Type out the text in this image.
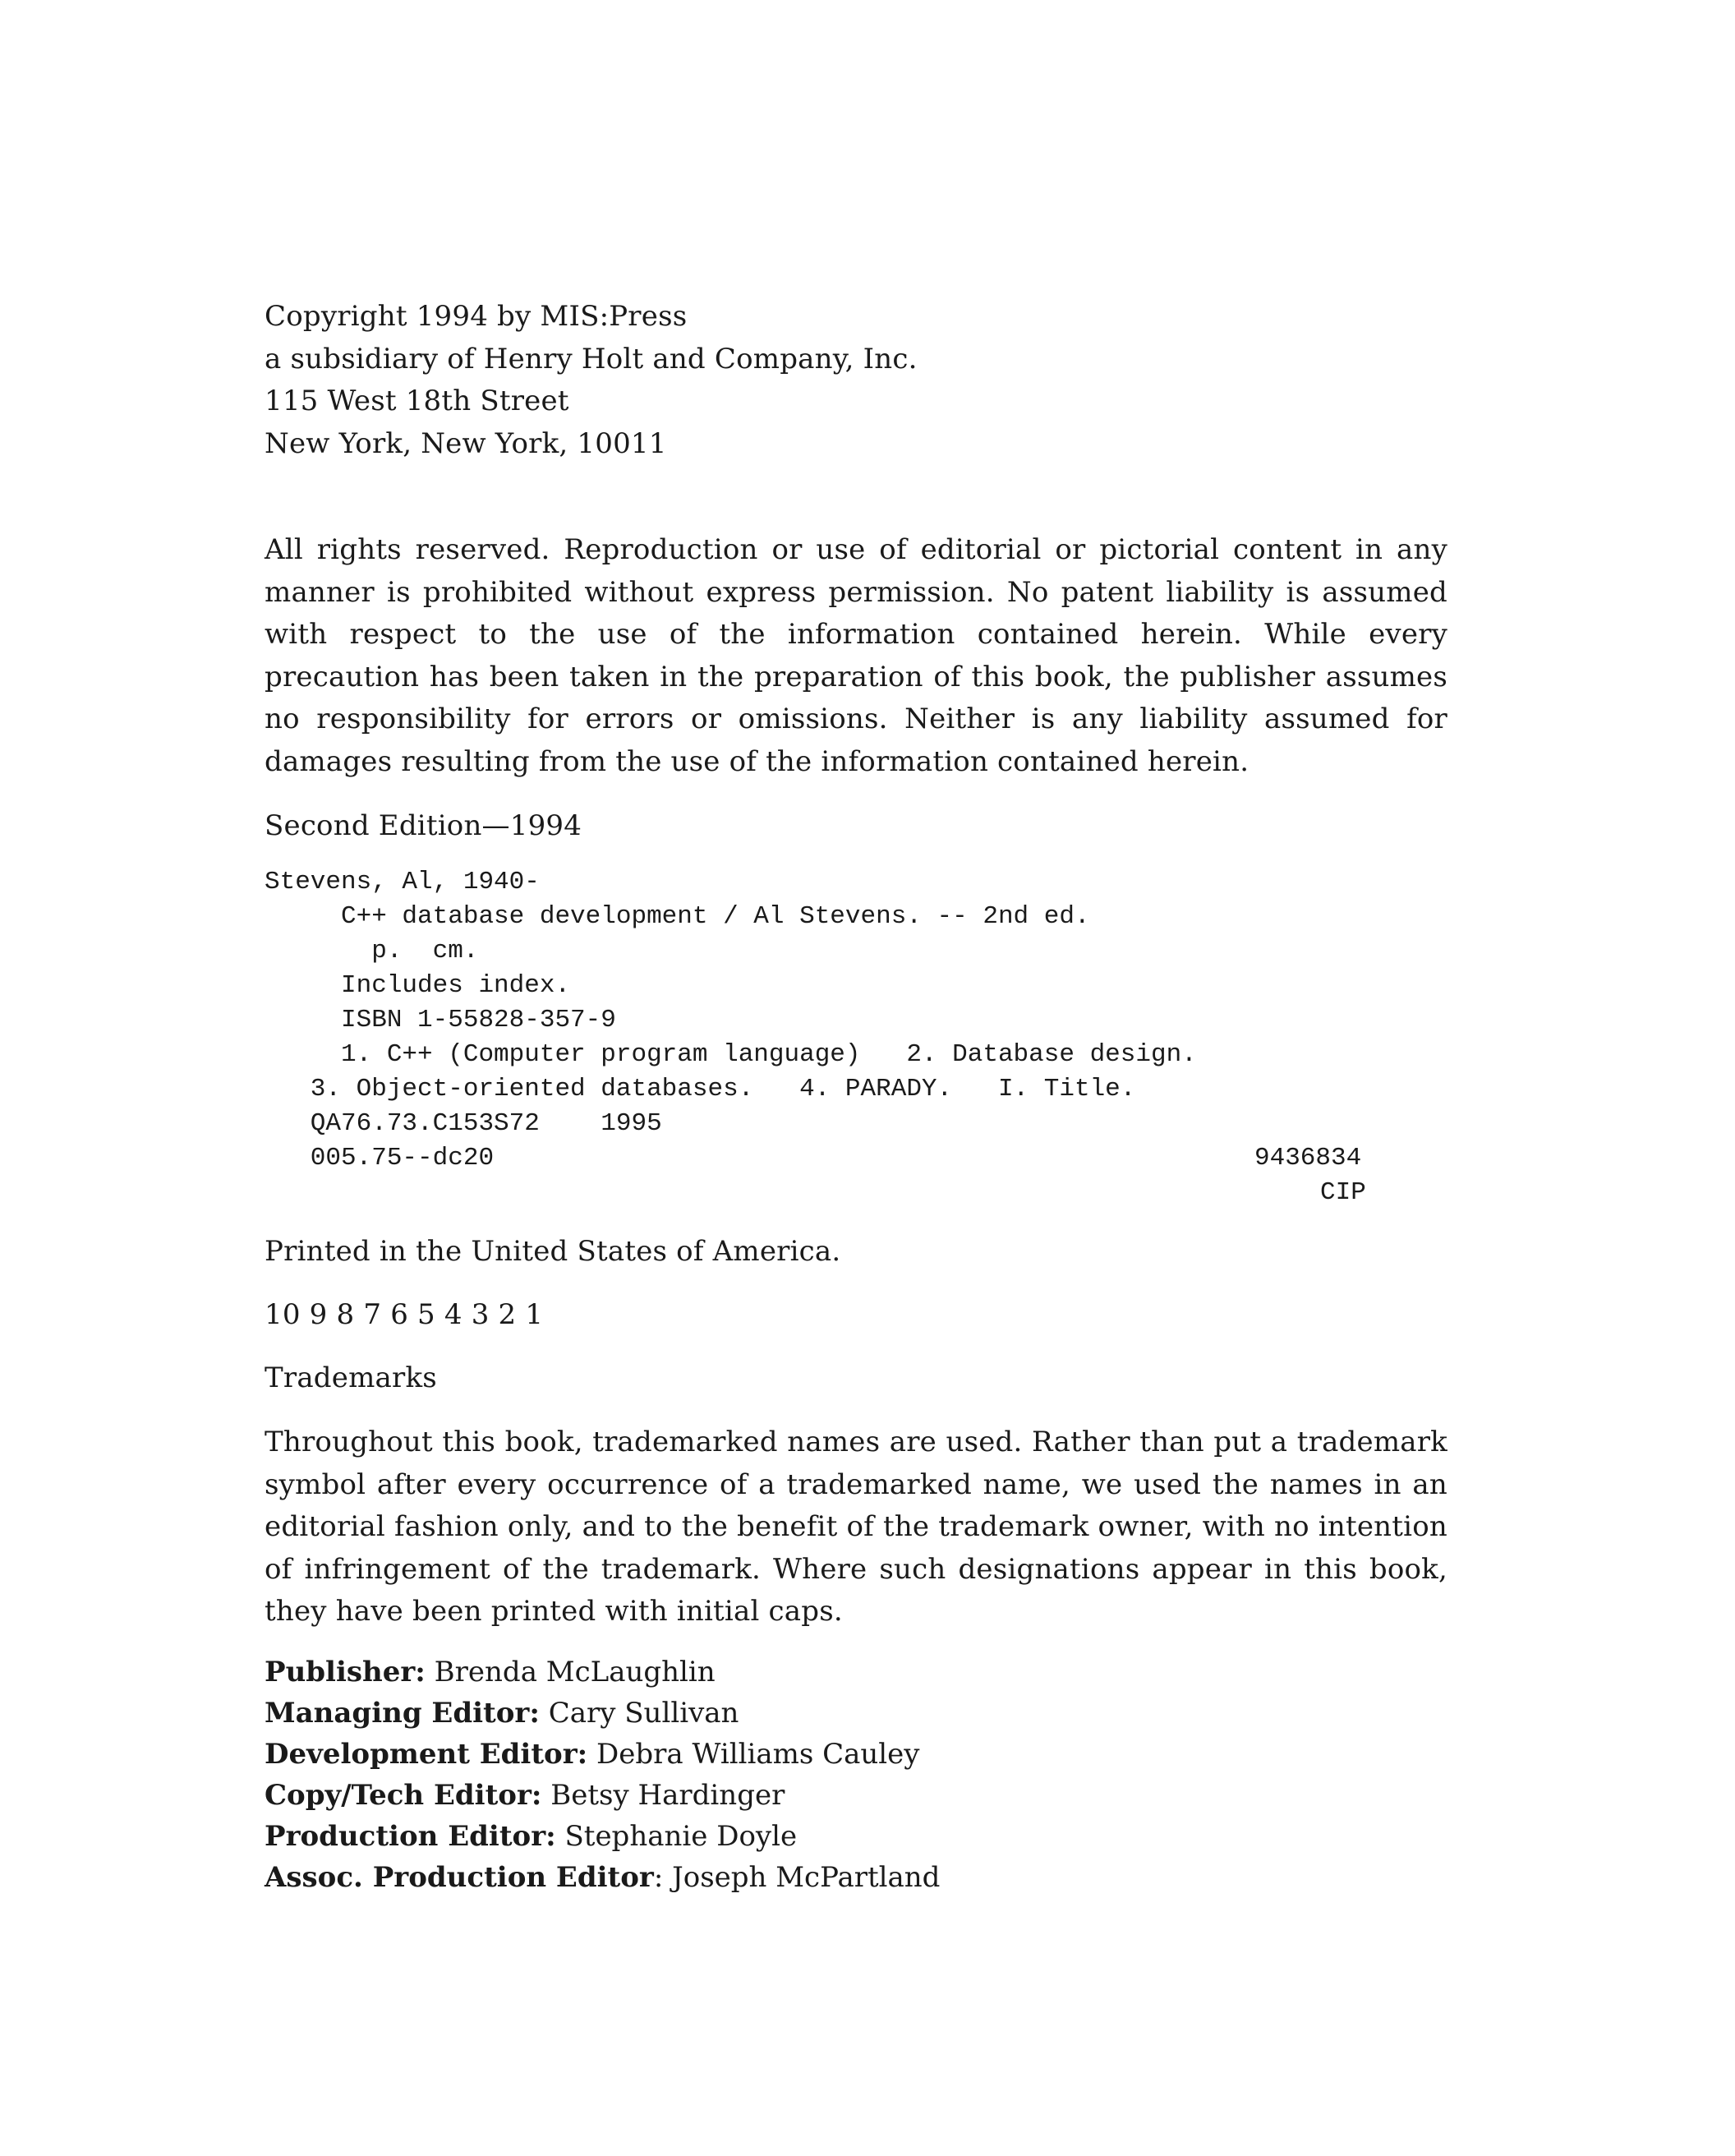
Copyright 1994 by MIS:Press
a subsidiary of Henry Holt and Company, Inc.
115 West 18th Street
New York, New York, 10011
All rights reserved. Reproduction or use of editorial or pictorial content in any manner is prohibited without express permission. No patent liability is assumed with respect to the use of the information contained herein. While every precaution has been taken in the preparation of this book, the publisher assumes no responsibility for errors or omissions. Neither is any liability assumed for damages resulting from the use of the information contained herein.
Second Edition—1994
Stevens, Al, 1940-
C++ database development / Al Stevens. -- 2nd ed.
p.  cm.
Includes index.
ISBN 1-55828-357-9
1. C++ (Computer program language)   2. Database design.
3. Object-oriented databases.   4. PARADY.   I. Title.
QA76.73.C153S72    1995
005.75--dc20	9436834
CIP
Printed in the United States of America.
10 9 8 7 6 5 4 3 2 1
Trademarks
Throughout this book, trademarked names are used. Rather than put a trademark symbol after every occurrence of a trademarked name, we used the names in an editorial fashion only, and to the benefit of the trademark owner, with no intention of infringement of the trademark. Where such designations appear in this book, they have been printed with initial caps.
Publisher: Brenda McLaughlin
Managing Editor: Cary Sullivan
Development Editor: Debra Williams Cauley
Copy/Tech Editor: Betsy Hardinger
Production Editor: Stephanie Doyle
Assoc. Production Editor: Joseph McPartland
